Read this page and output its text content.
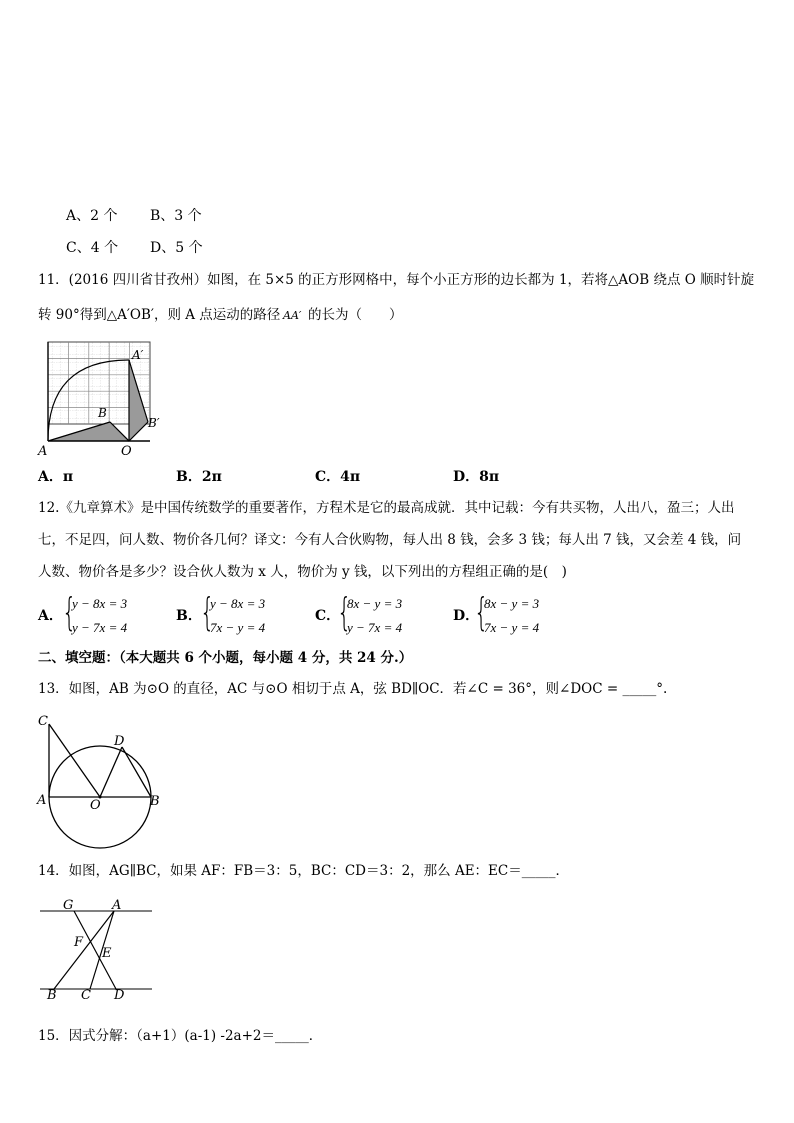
A、2 个 B、3 个
C、4 个 D、5 个
11．(2016 四川省甘孜州）如图，在 5×5 的正方形网格中，每个小正方形的边长都为 1，若将△AOB 绕点 O 顺时针旋
转 90°得到△A′OB′，则 A 点运动的路径 AA′ 的长为（　　）
A	O
B
A′
B′
A．π	B．2π	C．4π	D．8π
12.《九章算术》是中国传统数学的重要著作，方程术是它的最高成就．其中记载：今有共买物，人出八，盈三；人出
七，不足四，问人数、物价各几何？译文：今有人合伙购物，每人出 8 钱，会多 3 钱；每人出 7 钱，又会差 4 钱，问
人数、物价各是多少？设合伙人数为 x 人，物价为 y 钱，以下列出的方程组正确的是(　)
A． {
y − 8x = 3
y − 7x = 4
B．
{
y − 8x = 3
7x − y = 4
C．
{
8x − y = 3
y − 7x = 4
D．
{
8x − y = 3
7x − y = 4
二、填空题：（本大题共 6 个小题，每小题 4 分，共 24 分.）
13．如图，AB 为⊙O 的直径，AC 与⊙O 相切于点 A，弦 BD∥OC．若∠C = 36°，则∠DOC = _____°.
C
D
A	O	B
14．如图，AG∥BC，如果 AF：FB＝3：5，BC：CD＝3：2，那么 AE：EC＝_____．
G	A
F
E
B C D
15．因式分解：（a+1）(a-1) -2a+2＝_____．
